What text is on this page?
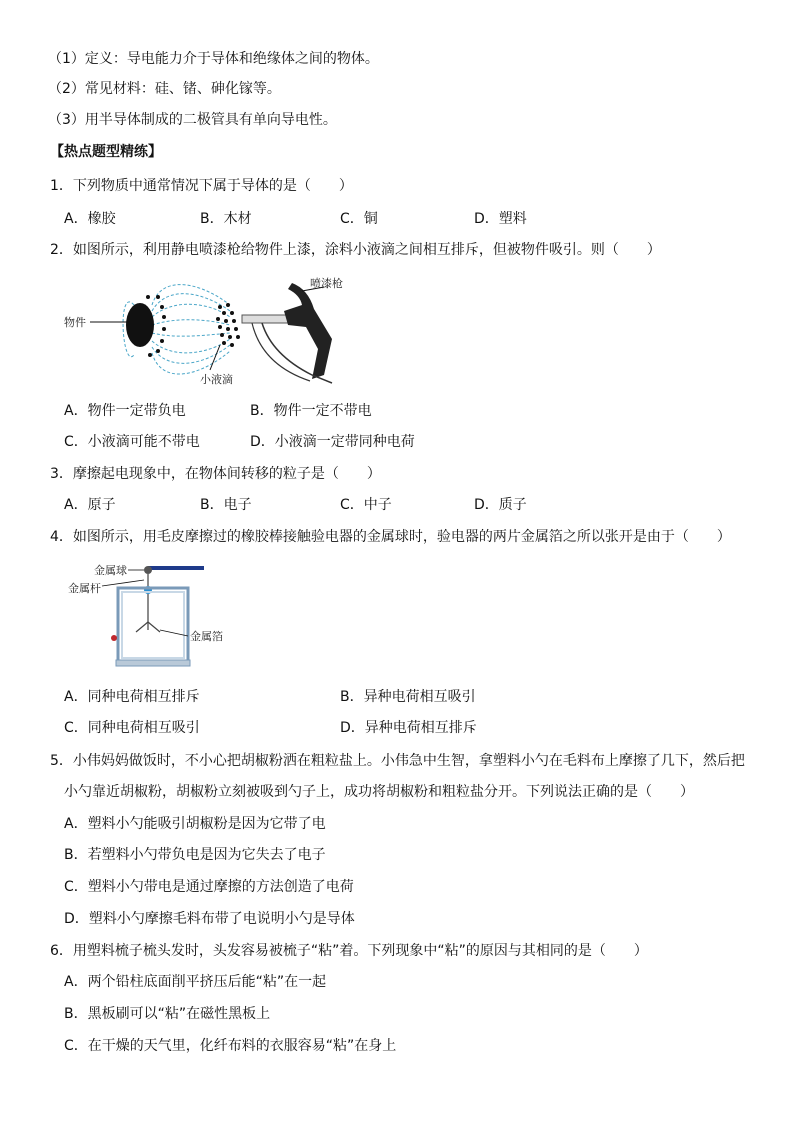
（1）定义：导电能力介于导体和绝缘体之间的物体。
（2）常见材料：硅、锗、砷化镓等。
（3）用半导体制成的二极管具有单向导电性。
【热点题型精练】
1．下列物质中通常情况下属于导体的是（　　）
A．橡胶	B．木材	C．铜	D．塑料
2．如图所示，利用静电喷漆枪给物件上漆，涂料小液滴之间相互排斥，但被物件吸引。则（　　）
物件
小液滴
喷漆枪
A．物件一定带负电	B．物件一定不带电
C．小液滴可能不带电	D．小液滴一定带同种电荷
3．摩擦起电现象中，在物体间转移的粒子是（　　）
A．原子	B．电子	C．中子	D．质子
4．如图所示，用毛皮摩擦过的橡胶棒接触验电器的金属球时，验电器的两片金属箔之所以张开是由于（　　）
金属球
金属杆
金属箔
A．同种电荷相互排斥	B．异种电荷相互吸引
C．同种电荷相互吸引	D．异种电荷相互排斥
5．小伟妈妈做饭时，不小心把胡椒粉洒在粗粒盐上。小伟急中生智，拿塑料小勺在毛料布上摩擦了几下，然后把
小勺靠近胡椒粉，胡椒粉立刻被吸到勺子上，成功将胡椒粉和粗粒盐分开。下列说法正确的是（　　）
A．塑料小勺能吸引胡椒粉是因为它带了电
B．若塑料小勺带负电是因为它失去了电子
C．塑料小勺带电是通过摩擦的方法创造了电荷
D．塑料小勺摩擦毛料布带了电说明小勺是导体
6．用塑料梳子梳头发时，头发容易被梳子“粘”着。下列现象中“粘”的原因与其相同的是（　　）
A．两个铅柱底面削平挤压后能“粘”在一起
B．黑板刷可以“粘”在磁性黑板上
C．在干燥的天气里，化纤布料的衣服容易“粘”在身上
